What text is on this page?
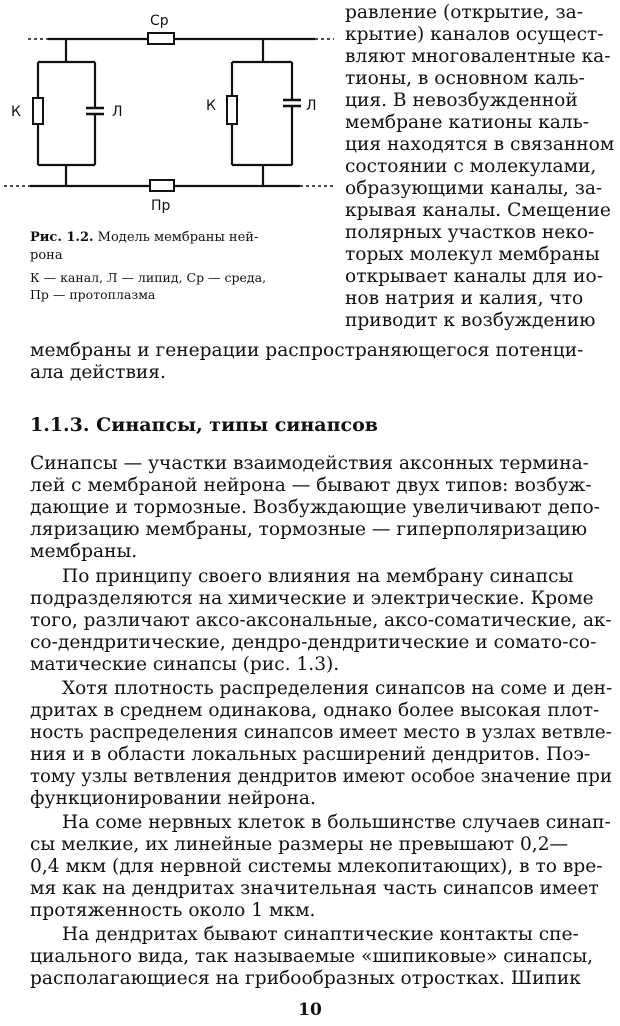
Ср
Пр
К	Л	К	Л
Рис. 1.2. Модель мембраны ней-
рона
К — канал, Л — липид, Ср — среда,
Пр — протоплазма
равление (открытие, за-
крытие) каналов осущест-
вляют многовалентные ка-
тионы, в основном каль-
ция. В невозбужденной
мембране катионы каль-
ция находятся в связанном
состоянии с молекулами,
образующими каналы, за-
крывая каналы. Смещение
полярных участков неко-
торых молекул мембраны
открывает каналы для ио-
нов натрия и калия, что
приводит к возбуждению
мембраны и генерации распространяющегося потенци-
ала действия.
1.1.3. Синапсы, типы синапсов
Синапсы — участки взаимодействия аксонных термина-
лей с мембраной нейрона — бывают двух типов: возбуж-
дающие и тормозные. Возбуждающие увеличивают депо-
ляризацию мембраны, тормозные — гиперполяризацию
мембраны.
По принципу своего влияния на мембрану синапсы
подразделяются на химические и электрические. Кроме
того, различают аксо-аксональные, аксо-соматические, ак-
со-дендритические, дендро-дендритические и сомато-со-
матические синапсы (рис. 1.3).
Хотя плотность распределения синапсов на соме и ден-
дритах в среднем одинакова, однако более высокая плот-
ность распределения синапсов имеет место в узлах ветвле-
ния и в области локальных расширений дендритов. Поэ-
тому узлы ветвления дендритов имеют особое значение при
функционировании нейрона.
На соме нервных клеток в большинстве случаев синап-
сы мелкие, их линейные размеры не превышают 0,2—
0,4 мкм (для нервной системы млекопитающих), в то вре-
мя как на дендритах значительная часть синапсов имеет
протяженность около 1 мкм.
На дендритах бывают синаптические контакты спе-
циального вида, так называемые «шипиковые» синапсы,
располагающиеся на грибообразных отростках. Шипик
10
